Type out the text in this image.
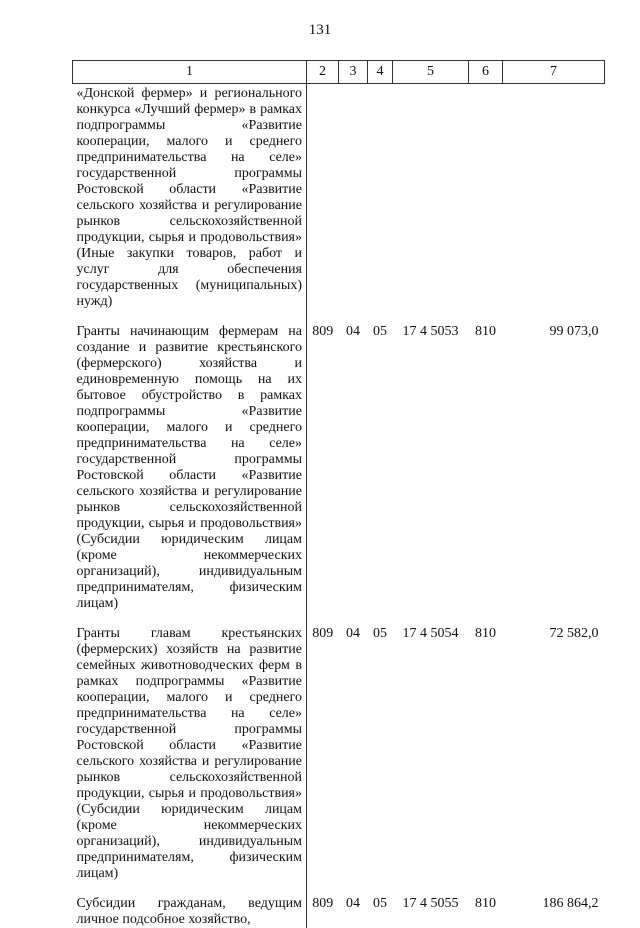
131
1	2	3	4	5	6	7
«Донской фермер» и регионального конкурса «Лучший фермер» в рамках подпрограммы «Развитие кооперации, малого и среднего предпринимательства на селе» государственной программы Ростовской области «Развитие сельского хозяйства и регулирование рынков сельскохозяйственной продукции, сырья и продовольствия» (Иные закупки товаров, работ и услуг для обеспечения государственных (муниципальных) нужд)						

Гранты начинающим фермерам на создание и развитие крестьянского (фермерского) хозяйства и единовременную помощь на их бытовое обустройство в рамках подпрограммы «Развитие кооперации, малого и среднего предпринимательства на селе» государственной программы Ростовской области «Развитие сельского хозяйства и регулирование рынков сельскохозяйственной продукции, сырья и продовольствия» (Субсидии юридическим лицам (кроме некоммерческих организаций), индивидуальным предпринимателям, физическим лицам)	809	04	05	17 4 5053	810	99 073,0

Гранты главам крестьянских (фермерских) хозяйств на развитие семейных животноводческих ферм в рамках подпрограммы «Развитие кооперации, малого и среднего предпринимательства на селе» государственной программы Ростовской области «Развитие сельского хозяйства и регулирование рынков сельскохозяйственной продукции, сырья и продовольствия» (Субсидии юридическим лицам (кроме некоммерческих организаций), индивидуальным предпринимателям, физическим лицам)	809	04	05	17 4 5054	810	72 582,0

Субсидии гражданам, ведущим личное подсобное хозяйство,	809	04	05	17 4 5055	810	186 864,2
